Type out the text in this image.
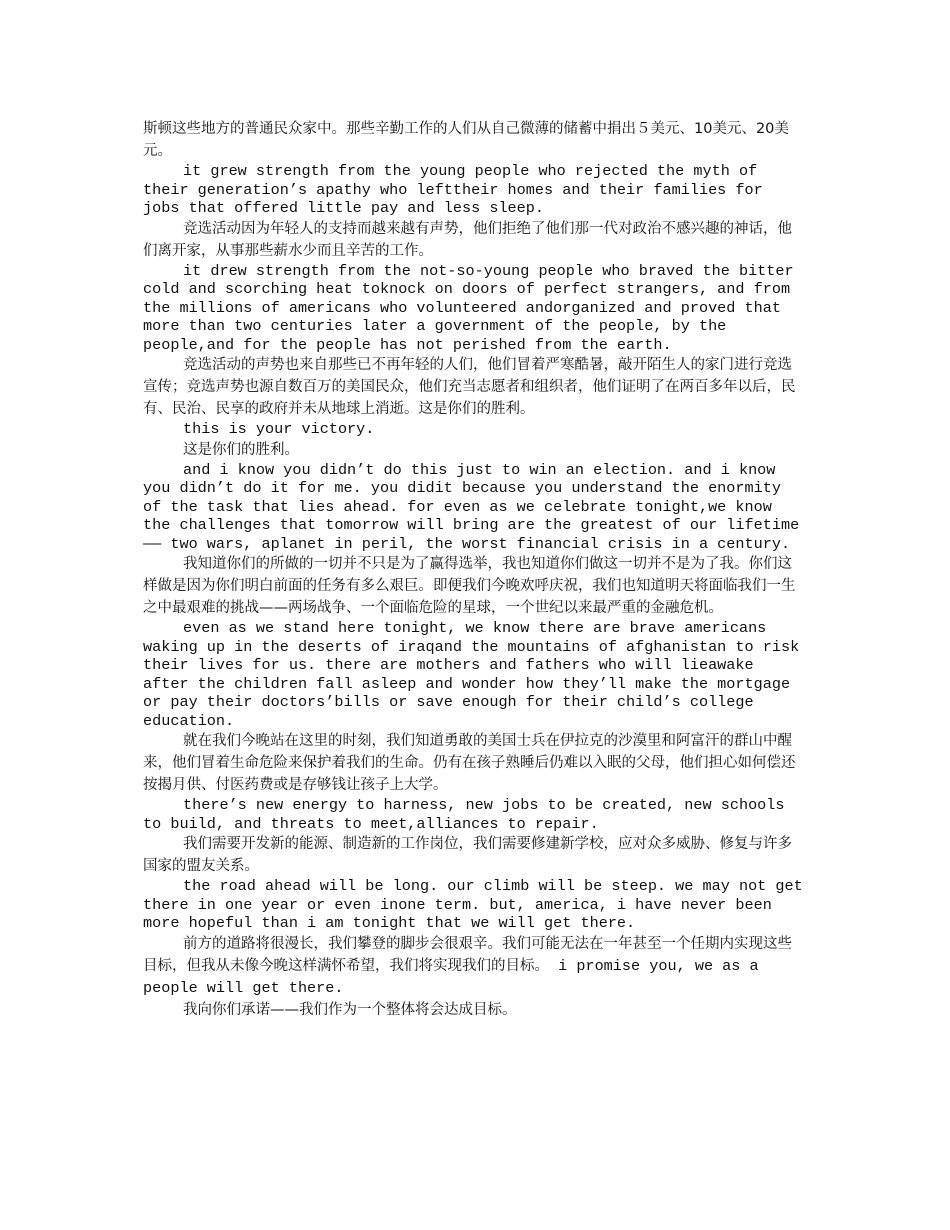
斯顿这些地方的普通民众家中。那些辛勤工作的人们从自己微薄的储蓄中捐出５美元、10美元、20美元。

it grew strength from the young people who rejected the myth of their generation’s apathy who lefttheir homes and their families for jobs that offered little pay and less sleep.

竞选活动因为年轻人的支持而越来越有声势，他们拒绝了他们那一代对政治不感兴趣的神话，他们离开家，从事那些薪水少而且辛苦的工作。

it drew strength from the not-so-young people who braved the bitter cold and scorching heat toknock on doors of perfect strangers, and from the millions of americans who volunteered andorganized and proved that more than two centuries later a government of the people, by the people,and for the people has not perished from the earth.

竞选活动的声势也来自那些已不再年轻的人们，他们冒着严寒酷暑，敲开陌生人的家门进行竞选宣传；竞选声势也源自数百万的美国民众，他们充当志愿者和组织者，他们证明了在两百多年以后，民有、民治、民享的政府并未从地球上消逝。这是你们的胜利。

this is your victory.

这是你们的胜利。

and i know you didn’t do this just to win an election. and i know you didn’t do it for me. you didit because you understand the enormity of the task that lies ahead. for even as we celebrate tonight,we know the challenges that tomorrow will bring are the greatest of our lifetime —— two wars, aplanet in peril, the worst financial crisis in a century.

我知道你们的所做的一切并不只是为了赢得选举，我也知道你们做这一切并不是为了我。你们这样做是因为你们明白前面的任务有多么艰巨。即便我们今晚欢呼庆祝，我们也知道明天将面临我们一生之中最艰难的挑战——两场战争、一个面临危险的星球，一个世纪以来最严重的金融危机。

even as we stand here tonight, we know there are brave americans waking up in the deserts of iraqand the mountains of afghanistan to risk their lives for us. there are mothers and fathers who will lieawake after the children fall asleep and wonder how they’ll make the mortgage or pay their doctors’bills or save enough for their child’s college education.

就在我们今晚站在这里的时刻，我们知道勇敢的美国士兵在伊拉克的沙漠里和阿富汗的群山中醒来，他们冒着生命危险来保护着我们的生命。仍有在孩子熟睡后仍难以入眠的父母，他们担心如何偿还按揭月供、付医药费或是存够钱让孩子上大学。

there’s new energy to harness, new jobs to be created, new schools to build, and threats to meet,alliances to repair.

我们需要开发新的能源、制造新的工作岗位，我们需要修建新学校，应对众多威胁、修复与许多国家的盟友关系。

the road ahead will be long. our climb will be steep. we may not get there in one year or even inone term. but, america, i have never been more hopeful than i am tonight that we will get there.

前方的道路将很漫长，我们攀登的脚步会很艰辛。我们可能无法在一年甚至一个任期内实现这些目标，但我从未像今晚这样满怀希望，我们将实现我们的目标。 i promise you, we as a people will get there.

我向你们承诺——我们作为一个整体将会达成目标。
